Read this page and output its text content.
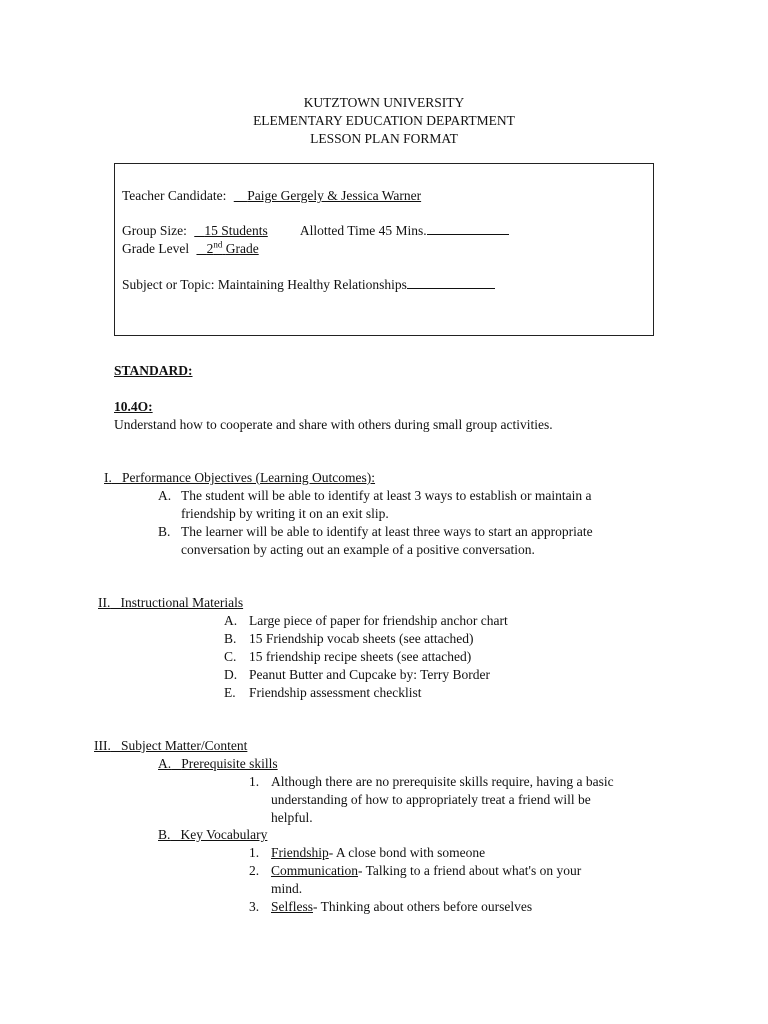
KUTZTOWN UNIVERSITY
ELEMENTARY EDUCATION DEPARTMENT
LESSON PLAN FORMAT
Teacher Candidate: Paige Gergely & Jessica Warner
Group Size: 15 Students Allotted Time 45 Mins.
Grade Level 2nd Grade
Subject or Topic: Maintaining Healthy Relationships
STANDARD:
10.4O:
Understand how to cooperate and share with others during small group activities.
I. Performance Objectives (Learning Outcomes):
A. The student will be able to identify at least 3 ways to establish or maintain a
friendship by writing it on an exit slip.
B. The learner will be able to identify at least three ways to start an appropriate
conversation by acting out an example of a positive conversation.
II. Instructional Materials
A. Large piece of paper for friendship anchor chart
B. 15 Friendship vocab sheets (see attached)
C. 15 friendship recipe sheets (see attached)
D. Peanut Butter and Cupcake by: Terry Border
E. Friendship assessment checklist
III. Subject Matter/Content
A. Prerequisite skills
1. Although there are no prerequisite skills require, having a basic
understanding of how to appropriately treat a friend will be
helpful.
B. Key Vocabulary
1. Friendship- A close bond with someone
2. Communication- Talking to a friend about what's on your
mind.
3. Selfless- Thinking about others before ourselves
